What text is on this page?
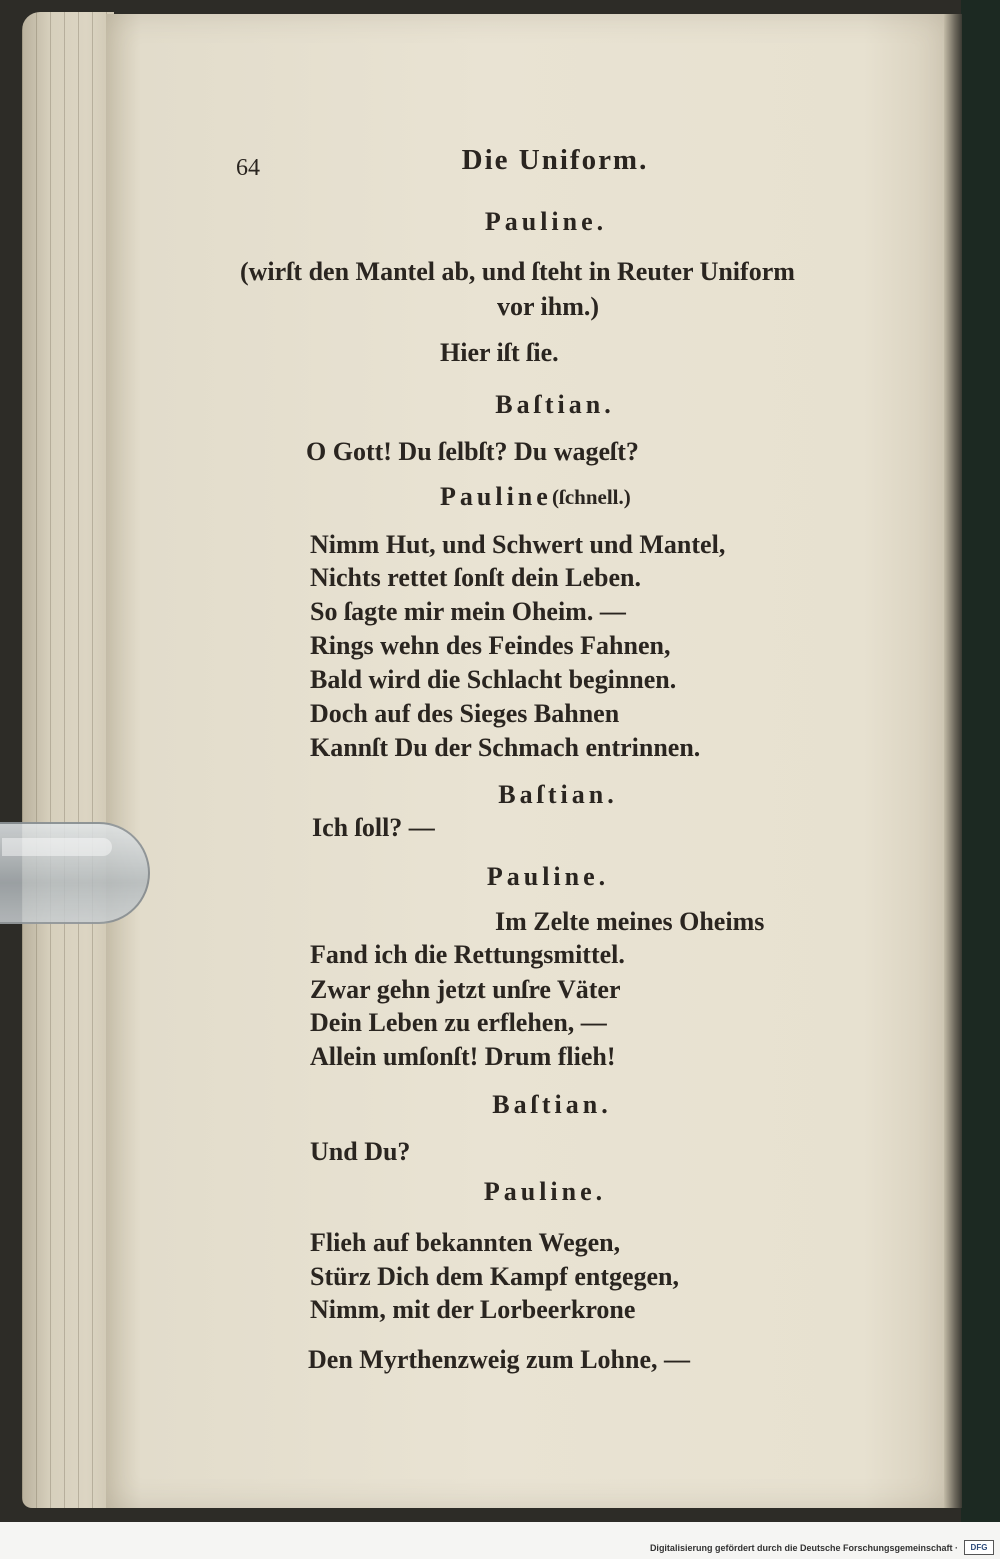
64	Die Uniform.
Pauline.
(wirſt den Mantel ab, und ſteht in Reuter Uniform
vor ihm.)
Hier iſt ſie.
Baſtian.
O Gott! Du ſelbſt? Du wageſt?
Pauline (ſchnell.)
Nimm Hut, und Schwert und Mantel,
Nichts rettet ſonſt dein Leben.
So ſagte mir mein Oheim. —
Rings wehn des Feindes Fahnen,
Bald wird die Schlacht beginnen.
Doch auf des Sieges Bahnen
Kannſt Du der Schmach entrinnen.
Baſtian.
Ich ſoll? —
Pauline.
Im Zelte meines Oheims
Fand ich die Rettungsmittel.
Zwar gehn jetzt unſre Väter
Dein Leben zu erflehen, —
Allein umſonſt! Drum flieh!
Baſtian.
Und Du?
Pauline.
Flieh auf bekannten Wegen,
Stürz Dich dem Kampf entgegen,
Nimm, mit der Lorbeerkrone
Den Myrthenzweig zum Lohne, —
Digitalisierung gefördert durch die Deutsche Forschungsgemeinschaft ·	DFG
